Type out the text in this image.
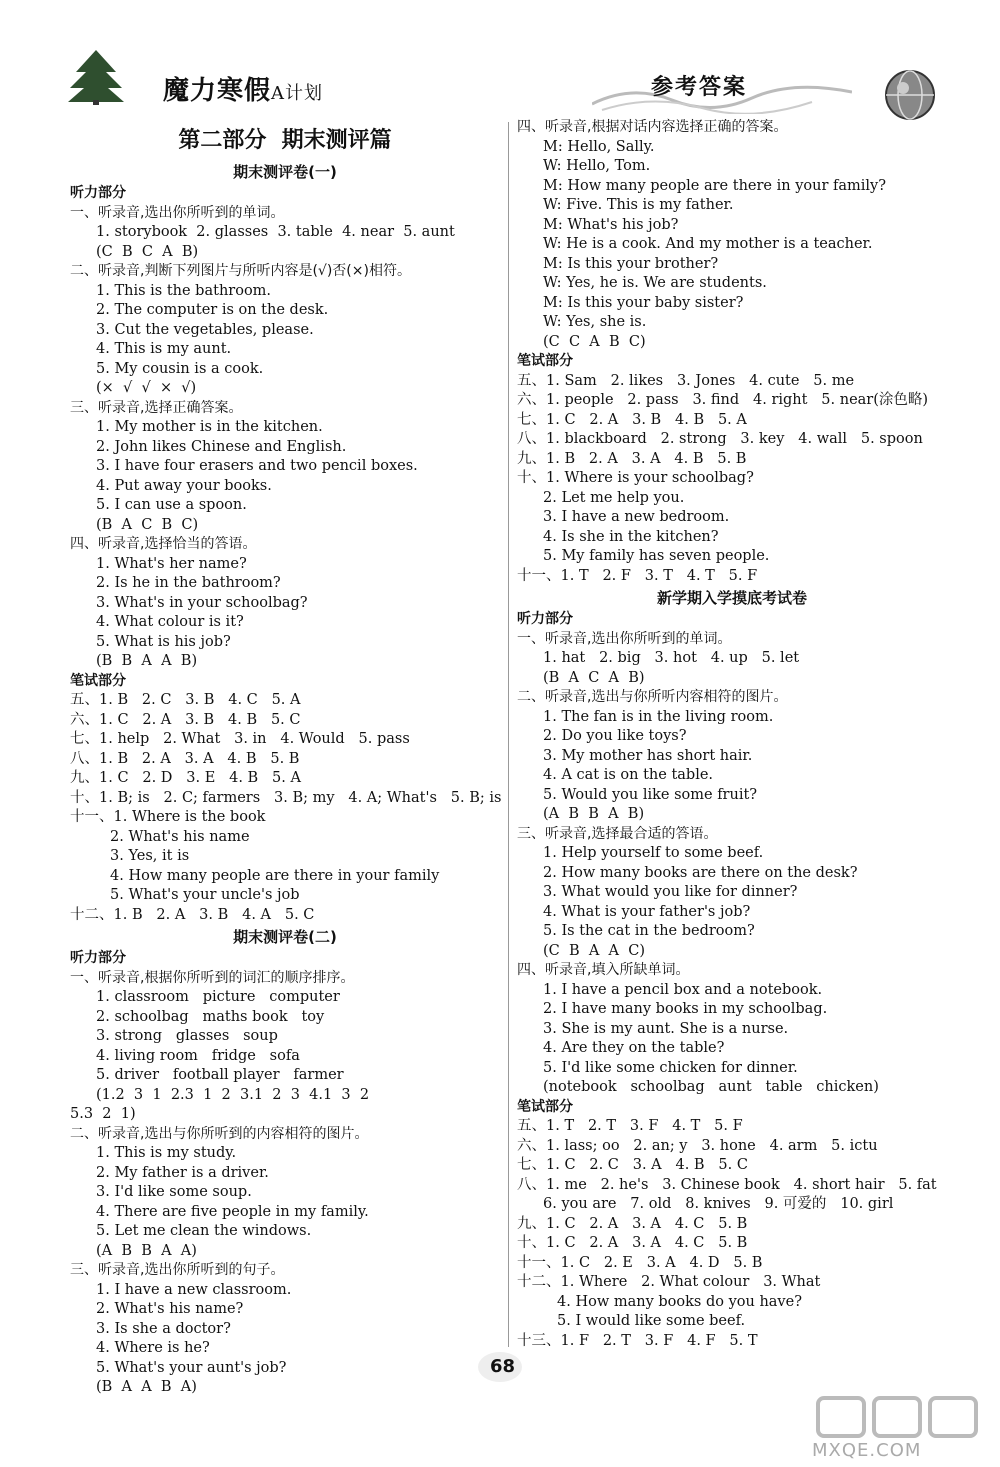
魔力寒假A计划	参考答案
第二部分  期末测评篇
期末测评卷(一)
听力部分
一、听录音,选出你所听到的单词。
1. storybook  2. glasses  3. table  4. near  5. aunt
(C  B  C  A  B)
二、听录音,判断下列图片与所听内容是(√)否(×)相符。
1. This is the bathroom.
2. The computer is on the desk.
3. Cut the vegetables, please.
4. This is my aunt.
5. My cousin is a cook.
(×  √  √  ×  √)
三、听录音,选择正确答案。
1. My mother is in the kitchen.
2. John likes Chinese and English.
3. I have four erasers and two pencil boxes.
4. Put away your books.
5. I can use a spoon.
(B  A  C  B  C)
四、听录音,选择恰当的答语。
1. What's her name?
2. Is he in the bathroom?
3. What's in your schoolbag?
4. What colour is it?
5. What is his job?
(B  B  A  A  B)
笔试部分
五、1. B   2. C   3. B   4. C   5. A
六、1. C   2. A   3. B   4. B   5. C
七、1. help   2. What   3. in   4. Would   5. pass
八、1. B   2. A   3. A   4. B   5. B
九、1. C   2. D   3. E   4. B   5. A
十、1. B; is   2. C; farmers   3. B; my   4. A; What's   5. B; is
十一、1. Where is the book
2. What's his name
3. Yes, it is
4. How many people are there in your family
5. What's your uncle's job
十二、1. B   2. A   3. B   4. A   5. C
期末测评卷(二)
听力部分
一、听录音,根据你所听到的词汇的顺序排序。
1. classroom   picture   computer
2. schoolbag   maths book   toy
3. strong   glasses   soup
4. living room   fridge   sofa
5. driver   football player   farmer
(1.2  3  1  2.3  1  2  3.1  2  3  4.1  3  2
5.3  2  1)
二、听录音,选出与你所听到的内容相符的图片。
1. This is my study.
2. My father is a driver.
3. I'd like some soup.
4. There are five people in my family.
5. Let me clean the windows.
(A  B  B  A  A)
三、听录音,选出你所听到的句子。
1. I have a new classroom.
2. What's his name?
3. Is she a doctor?
4. Where is he?
5. What's your aunt's job?
(B  A  A  B  A)
四、听录音,根据对话内容选择正确的答案。
M: Hello, Sally.
W: Hello, Tom.
M: How many people are there in your family?
W: Five. This is my father.
M: What's his job?
W: He is a cook. And my mother is a teacher.
M: Is this your brother?
W: Yes, he is. We are students.
M: Is this your baby sister?
W: Yes, she is.
(C  C  A  B  C)
笔试部分
五、1. Sam   2. likes   3. Jones   4. cute   5. me
六、1. people   2. pass   3. find   4. right   5. near(涂色略)
七、1. C   2. A   3. B   4. B   5. A
八、1. blackboard   2. strong   3. key   4. wall   5. spoon
九、1. B   2. A   3. A   4. B   5. B
十、1. Where is your schoolbag?
2. Let me help you.
3. I have a new bedroom.
4. Is she in the kitchen?
5. My family has seven people.
十一、1. T   2. F   3. T   4. T   5. F
新学期入学摸底考试卷
听力部分
一、听录音,选出你所听到的单词。
1. hat   2. big   3. hot   4. up   5. let
(B  A  C  A  B)
二、听录音,选出与你所听内容相符的图片。
1. The fan is in the living room.
2. Do you like toys?
3. My mother has short hair.
4. A cat is on the table.
5. Would you like some fruit?
(A  B  B  A  B)
三、听录音,选择最合适的答语。
1. Help yourself to some beef.
2. How many books are there on the desk?
3. What would you like for dinner?
4. What is your father's job?
5. Is the cat in the bedroom?
(C  B  A  A  C)
四、听录音,填入所缺单词。
1. I have a pencil box and a notebook.
2. I have many books in my schoolbag.
3. She is my aunt. She is a nurse.
4. Are they on the table?
5. I'd like some chicken for dinner.
(notebook   schoolbag   aunt   table   chicken)
笔试部分
五、1. T   2. T   3. F   4. T   5. F
六、1. lass; oo   2. an; y   3. hone   4. arm   5. ictu
七、1. C   2. C   3. A   4. B   5. C
八、1. me   2. he's   3. Chinese book   4. short hair   5. fat
6. you are   7. old   8. knives   9. 可爱的   10. girl
九、1. C   2. A   3. A   4. C   5. B
十、1. C   2. A   3. A   4. C   5. B
十一、1. C   2. E   3. A   4. D   5. B
十二、1. Where   2. What colour   3. What
4. How many books do you have?
5. I would like some beef.
十三、1. F   2. T   3. F   4. F   5. T
68
MXQE.COM
